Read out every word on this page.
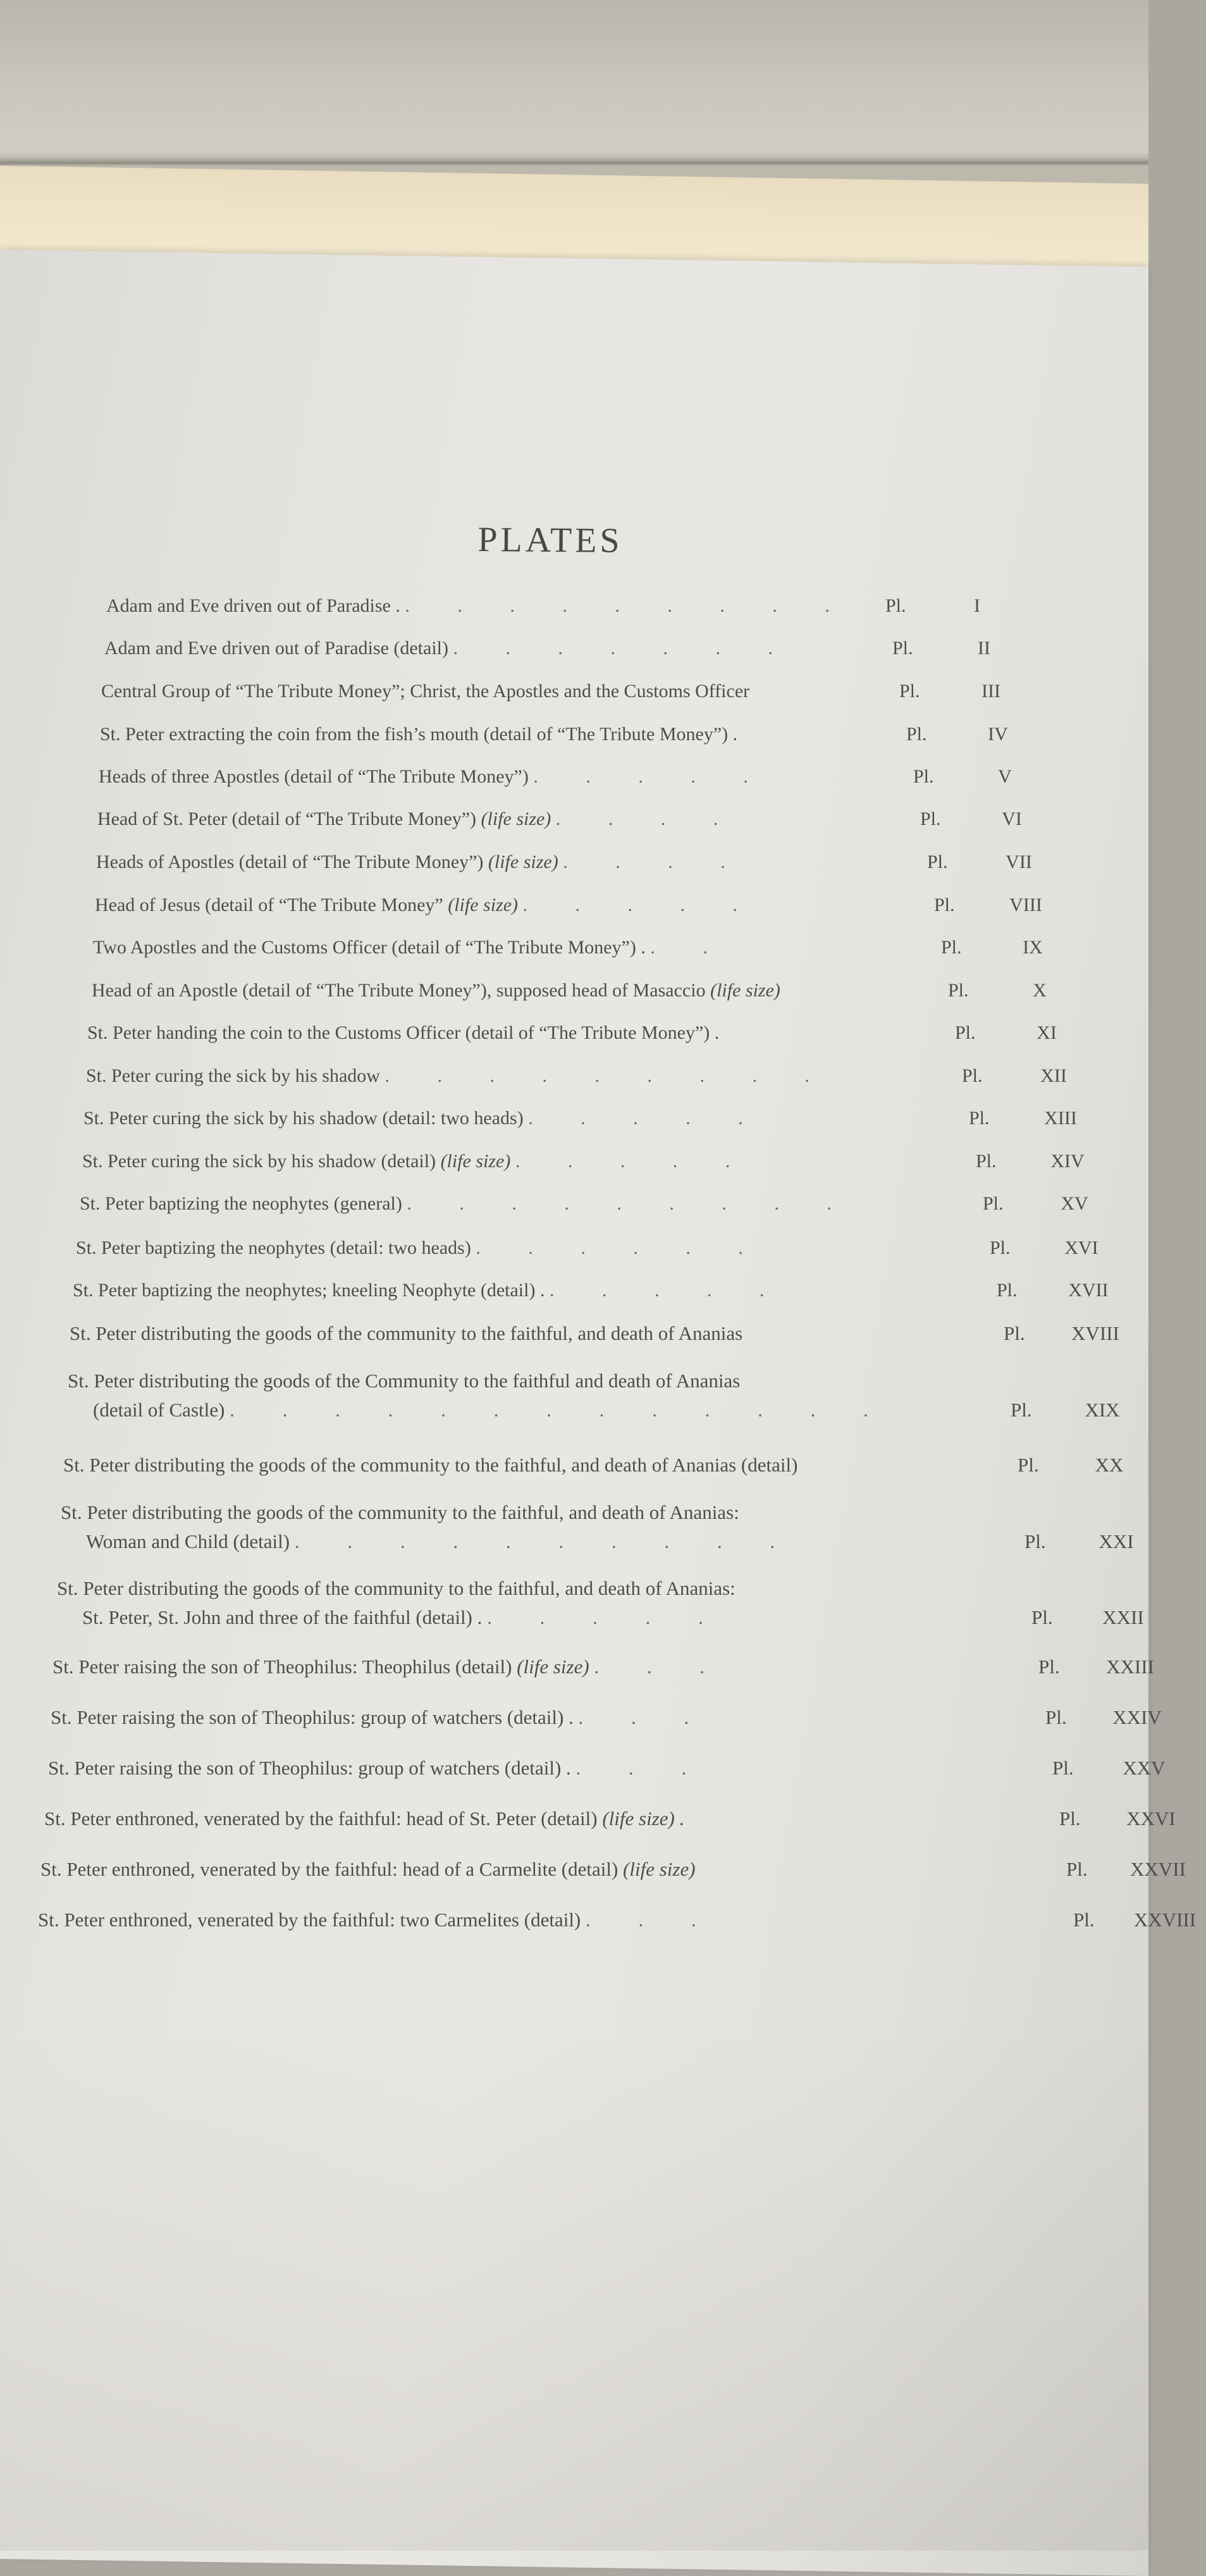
PLATES
Adam and Eve driven out of Paradise . . . . . . . . . . Pl.	I
Adam and Eve driven out of Paradise (detail) . . . . . . .	Pl.	II
Central Group of “The Tribute Money”; Christ, the Apostles and the Customs Officer	Pl.	III
St. Peter extracting the coin from the fish’s mouth (detail of “The Tribute Money”) .	Pl.	IV
Heads of three Apostles (detail of “The Tribute Money”) . . . . .	Pl.	V
Head of St. Peter (detail of “The Tribute Money”) (life size) . . . .	Pl.	VI
Heads of Apostles (detail of “The Tribute Money”) (life size) . . . .	Pl.	VII
Head of Jesus (detail of “The Tribute Money” (life size) . . . . .	Pl.	VIII
Two Apostles and the Customs Officer (detail of “The Tribute Money”) . . .	Pl.	IX
Head of an Apostle (detail of “The Tribute Money”), supposed head of Masaccio (life size)	Pl.	X
St. Peter handing the coin to the Customs Officer (detail of “The Tribute Money”) .	Pl.	XI
St. Peter curing the sick by his shadow . . . . . . . . .	Pl.	XII
St. Peter curing the sick by his shadow (detail: two heads) . . . . .	Pl.	XIII
St. Peter curing the sick by his shadow (detail) (life size) . . . . .	Pl.	XIV
St. Peter baptizing the neophytes (general) . . . . . . . . .	Pl.	XV
St. Peter baptizing the neophytes (detail: two heads) . . . . . .	Pl.	XVI
St. Peter baptizing the neophytes; kneeling Neophyte (detail) . . . . . .	Pl.	XVII
St. Peter distributing the goods of the community to the faithful, and death of Ananias	Pl.	XVIII
St. Peter distributing the goods of the Community to the faithful and death of Ananias
(detail of Castle) . . . . . . . . . . . . .	Pl.	XIX
St. Peter distributing the goods of the community to the faithful, and death of Ananias (detail)	Pl.	XX
St. Peter distributing the goods of the community to the faithful, and death of Ananias:
Woman and Child (detail) . . . . . . . . . .	Pl.	XXI
St. Peter distributing the goods of the community to the faithful, and death of Ananias:
St. Peter, St. John and three of the faithful (detail) . . . . . .	Pl.	XXII
St. Peter raising the son of Theophilus: Theophilus (detail) (life size) . . .	Pl.	XXIII
St. Peter raising the son of Theophilus: group of watchers (detail) . . . .	Pl.	XXIV
St. Peter raising the son of Theophilus: group of watchers (detail) . . . .	Pl.	XXV
St. Peter enthroned, venerated by the faithful: head of St. Peter (detail) (life size) .	Pl.	XXVI
St. Peter enthroned, venerated by the faithful: head of a Carmelite (detail) (life size)	Pl.	XXVII
St. Peter enthroned, venerated by the faithful: two Carmelites (detail) . . .	Pl.	XXVIII
